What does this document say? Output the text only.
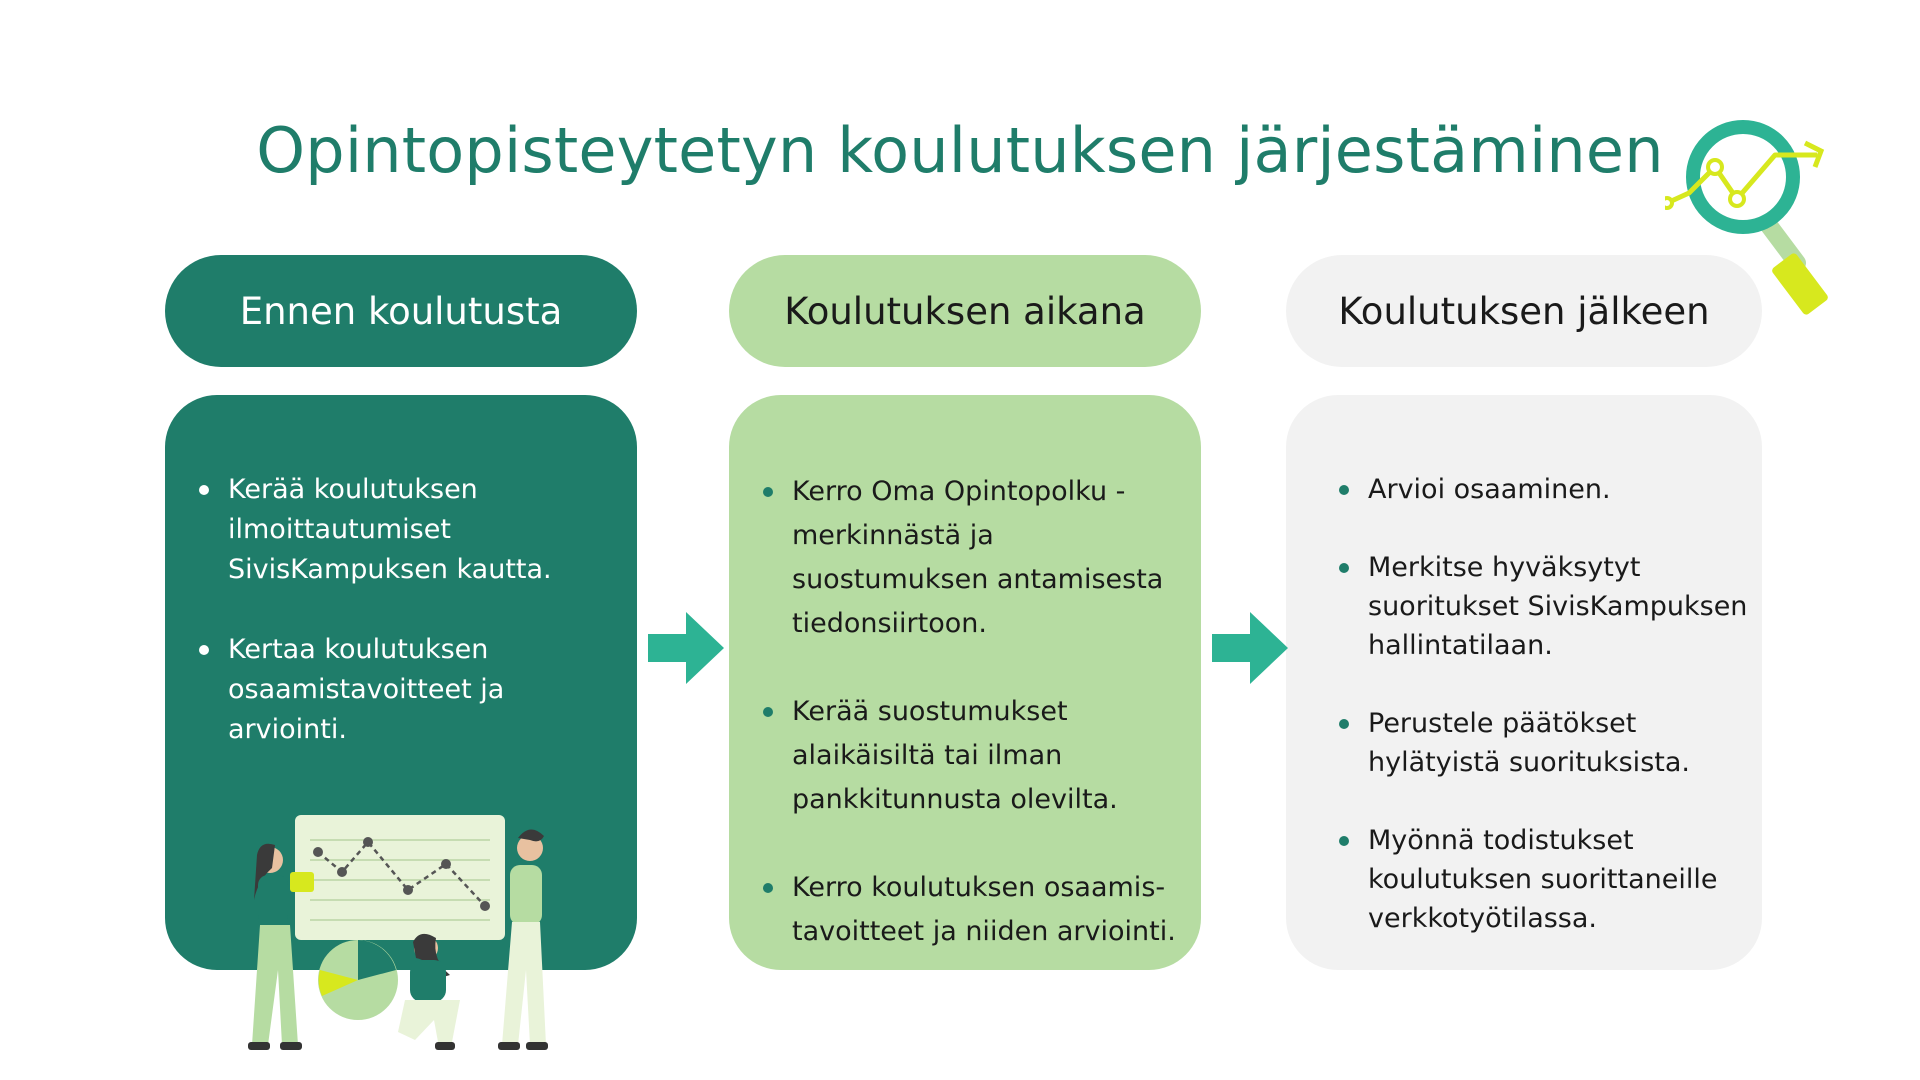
Opintopisteytetyn koulutuksen järjestäminen
Ennen koulutusta
Kerää koulutuksen ilmoittautumiset SivisKampuksen kautta.
Kertaa koulutuksen osaamistavoitteet ja arviointi.
Koulutuksen aikana
Kerro Oma Opintopolku -merkinnästä ja suostumuksen antamisesta tiedonsiirtoon.
Kerää suostumukset alaikäisiltä tai ilman pankkitunnusta olevilta.
Kerro koulutuksen osaamis-tavoitteet ja niiden arviointi.
Koulutuksen jälkeen
Arvioi osaaminen.
Merkitse hyväksytyt suoritukset SivisKampuksen hallintatilaan.
Perustele päätökset hylätyistä suorituksista.
Myönnä todistukset koulutuksen suorittaneille verkkotyötilassa.
